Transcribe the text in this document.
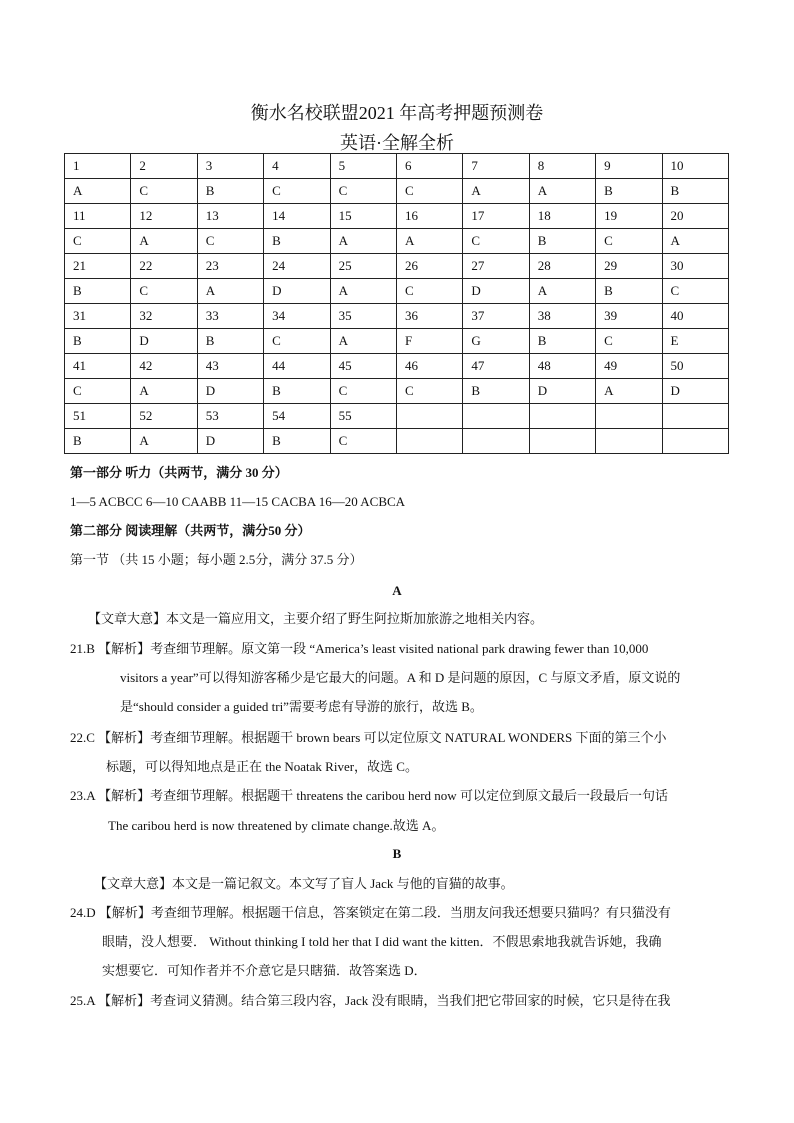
衡水名校联盟2021 年高考押题预测卷
英语·全解全析
1	2	3	4	5	6	7	8	9	10
A	C	B	C	C	C	A	A	B	B
11	12	13	14	15	16	17	18	19	20
C	A	C	B	A	A	C	B	C	A
21	22	23	24	25	26	27	28	29	30
B	C	A	D	A	C	D	A	B	C
31	32	33	34	35	36	37	38	39	40
B	D	B	C	A	F	G	B	C	E
41	42	43	44	45	46	47	48	49	50
C	A	D	B	C	C	B	D	A	D
51	52	53	54	55					
B	A	D	B	C					
第一部分 听力（共两节，满分 30 分）
1—5 ACBCC 6—10 CAABB 11—15 CACBA 16—20 ACBCA
第二部分 阅读理解（共两节，满分50 分）
第一节 （共 15 小题；每小题 2.5分，满分 37.5 分）
A
【文章大意】本文是一篇应用文，主要介绍了野生阿拉斯加旅游之地相关内容。
21.B 【解析】考查细节理解。原文第一段 “America’s least visited national park drawing fewer than 10,000
visitors a year”可以得知游客稀少是它最大的问题。A 和 D 是问题的原因，C 与原文矛盾，原文说的
是“should consider a guided tri”需要考虑有导游的旅行，故选 B。
22.C 【解析】考查细节理解。根据题干 brown bears 可以定位原文 NATURAL WONDERS 下面的第三个小
标题，可以得知地点是正在 the Noatak River，故选 C。
23.A 【解析】考查细节理解。根据题干 threatens the caribou herd now 可以定位到原文最后一段最后一句话
The caribou herd is now threatened by climate change.故选 A。
B
【文章大意】本文是一篇记叙文。本文写了盲人 Jack 与他的盲猫的故事。
24.D 【解析】考查细节理解。根据题干信息，答案锁定在第二段．当朋友问我还想要只猫吗？有只猫没有
眼睛，没人想要． Without thinking I told her that I did want the kitten．不假思索地我就告诉她，我确
实想要它．可知作者并不介意它是只瞎猫．故答案选 D．
25.A 【解析】考查词义猜测。结合第三段内容，Jack 没有眼睛，当我们把它带回家的时候，它只是待在我
